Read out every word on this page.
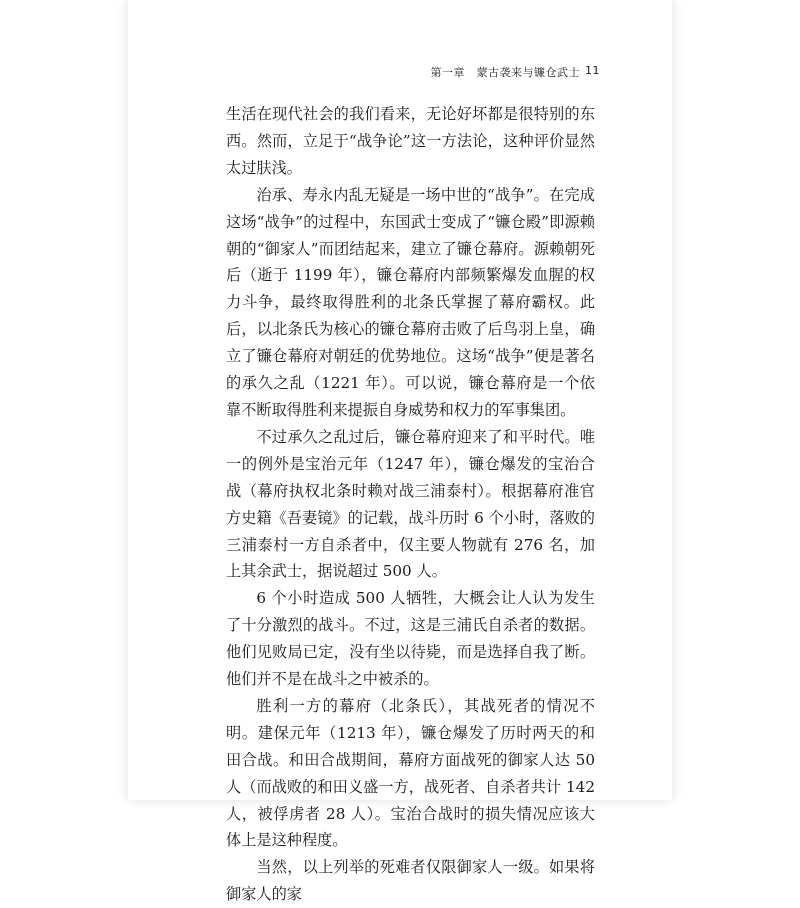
第一章　蒙古袭来与镰仓武士 11

生活在现代社会的我们看来，无论好坏都是很特别的东西。然而，立足于“战争论”这一方法论，这种评价显然太过肤浅。

治承、寿永内乱无疑是一场中世的“战争”。在完成这场“战争”的过程中，东国武士变成了“镰仓殿”即源赖朝的“御家人”而团结起来，建立了镰仓幕府。源赖朝死后（逝于 1199 年），镰仓幕府内部频繁爆发血腥的权力斗争，最终取得胜利的北条氏掌握了幕府霸权。此后，以北条氏为核心的镰仓幕府击败了后鸟羽上皇，确立了镰仓幕府对朝廷的优势地位。这场“战争”便是著名的承久之乱（1221 年）。可以说，镰仓幕府是一个依靠不断取得胜利来提振自身威势和权力的军事集团。

不过承久之乱过后，镰仓幕府迎来了和平时代。唯一的例外是宝治元年（1247 年），镰仓爆发的宝治合战（幕府执权北条时赖对战三浦泰村）。根据幕府准官方史籍《吾妻镜》的记载，战斗历时 6 个小时，落败的三浦泰村一方自杀者中，仅主要人物就有 276 名，加上其余武士，据说超过 500 人。

6 个小时造成 500 人牺牲，大概会让人认为发生了十分激烈的战斗。不过，这是三浦氏自杀者的数据。他们见败局已定，没有坐以待毙，而是选择自我了断。他们并不是在战斗之中被杀的。

胜利一方的幕府（北条氏），其战死者的情况不明。建保元年（1213 年），镰仓爆发了历时两天的和田合战。和田合战期间，幕府方面战死的御家人达 50 人（而战败的和田义盛一方，战死者、自杀者共计 142 人，被俘虏者 28 人）。宝治合战时的损失情况应该大体上是这种程度。

当然，以上列举的死难者仅限御家人一级。如果将御家人的家
